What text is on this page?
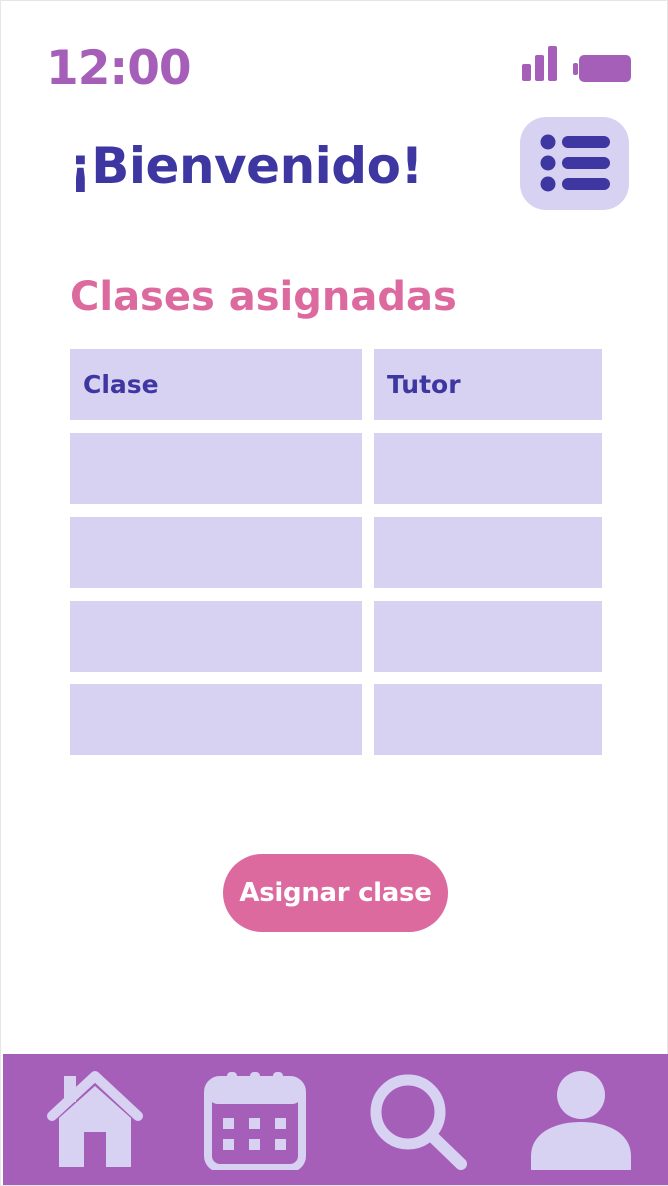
12:00
¡Bienvenido!
Clases asignadas
Clase	Tutor
Asignar clase
